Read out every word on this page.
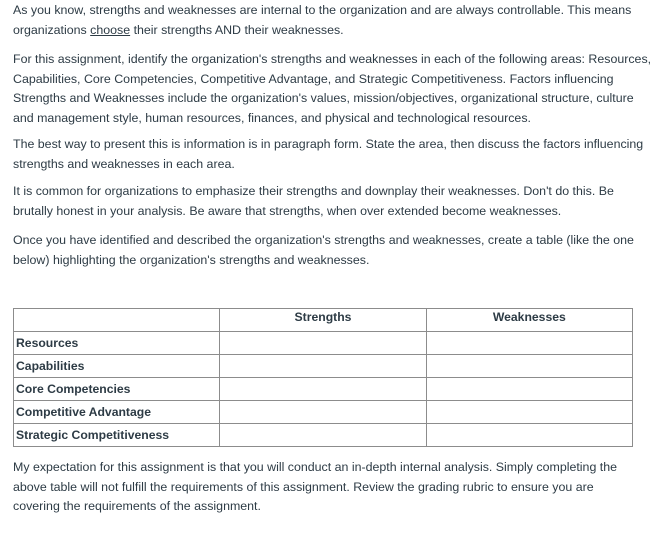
As you know, strengths and weaknesses are internal to the organization and are always controllable. This means organizations choose their strengths AND their weaknesses.

For this assignment, identify the organization's strengths and weaknesses in each of the following areas: Resources, Capabilities, Core Competencies, Competitive Advantage, and Strategic Competitiveness. Factors influencing Strengths and Weaknesses include the organization's values, mission/objectives, organizational structure, culture and management style, human resources, finances, and physical and technological resources.

The best way to present this is information is in paragraph form. State the area, then discuss the factors influencing strengths and weaknesses in each area.

It is common for organizations to emphasize their strengths and downplay their weaknesses. Don't do this. Be brutally honest in your analysis. Be aware that strengths, when over extended become weaknesses.

Once you have identified and described the organization's strengths and weaknesses, create a table (like the one below) highlighting the organization's strengths and weaknesses.

	Strengths	Weaknesses
Resources		
Capabilities		
Core Competencies		
Competitive Advantage		
Strategic Competitiveness		

My expectation for this assignment is that you will conduct an in-depth internal analysis. Simply completing the above table will not fulfill the requirements of this assignment. Review the grading rubric to ensure you are covering the requirements of the assignment.
